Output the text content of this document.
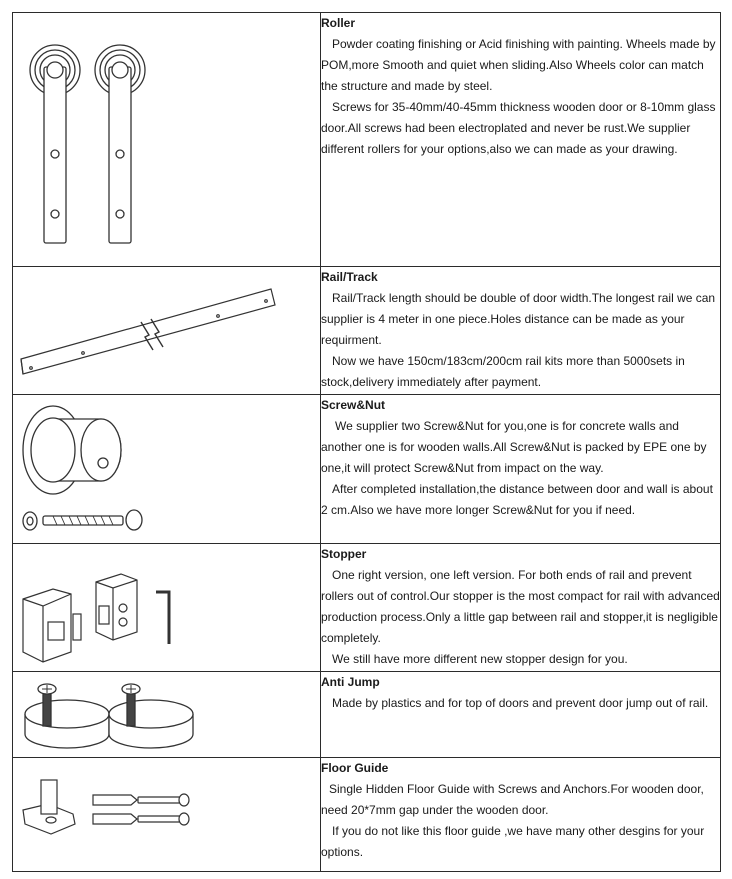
Roller

Powder coating finishing or Acid finishing with painting. Wheels made by POM,more Smooth and quiet when sliding.Also Wheels color can match the structure and made by steel.

Screws for 35-40mm/40-45mm thickness wooden door or 8-10mm glass door.All screws had been electroplated and never be rust.We supplier different rollers for your options,also we can made as your drawing.

Rail/Track

Rail/Track length should be double of door width.The longest rail we can supplier is 4 meter in one piece.Holes distance can be made as your requirment.

Now we have 150cm/183cm/200cm rail kits more than 5000sets in stock,delivery immediately after payment.

Screw&Nut

We supplier two Screw&Nut for you,one is for concrete walls and another one is for wooden walls.All Screw&Nut is packed by EPE one by one,it will protect Screw&Nut from impact on the way.

After completed installation,the distance between door and wall is about 2 cm.Also we have more longer Screw&Nut for you if need.

Stopper

One right version, one left version. For both ends of rail and prevent rollers out of control.Our stopper is the most compact for rail with advanced production process.Only a little gap between rail and stopper,it is negligible completely.

We still have more different new stopper design for you.

Anti Jump

Made by plastics and for top of doors and prevent door jump out of rail.

Floor Guide

Single Hidden Floor Guide with Screws and Anchors.For wooden door, need 20*7mm gap under the wooden door.

If you do not like this floor guide ,we have many other desgins for your options.
